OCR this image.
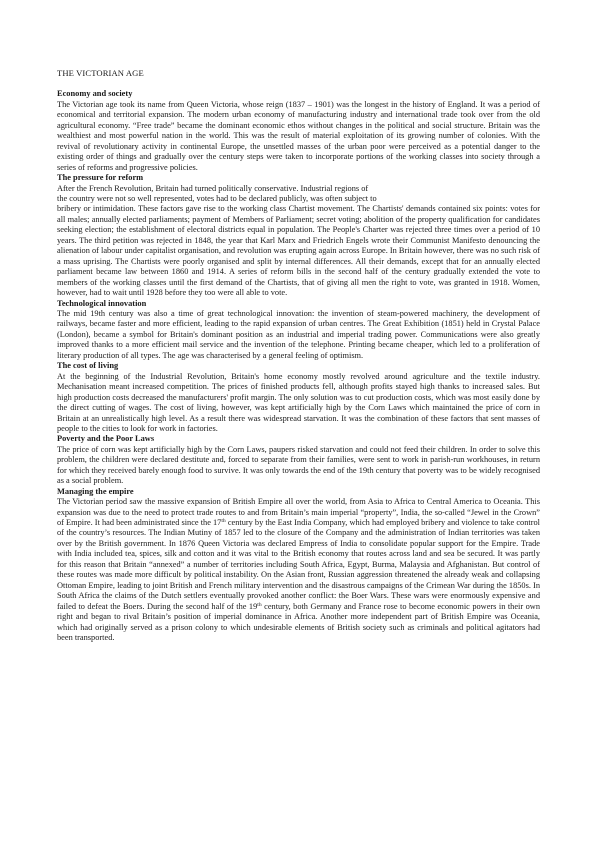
THE VICTORIAN AGE
Economy and society

The Victorian age took its name from Queen Victoria, whose reign (1837 – 1901) was the longest in the history of England. It was a period of economical and territorial expansion. The modern urban economy of manufacturing industry and international trade took over from the old agricultural economy. “Free trade” became the dominant economic ethos without changes in the political and social structure. Britain was the wealthiest and most powerful nation in the world. This was the result of material exploitation of its growing number of colonies. With the revival of revolutionary activity in continental Europe, the unsettled masses of the urban poor were perceived as a potential danger to the existing order of things and gradually over the century steps were taken to incorporate portions of the working classes into society through a series of reforms and progressive policies.

The pressure for reform
After the French Revolution, Britain had turned politically conservative. Industrial regions of
the country were not so well represented, votes had to be declared publicly, was often subject to

bribery or intimidation. These factors gave rise to the working class Chartist movement. The Chartists' demands contained six points: votes for all males; annually elected parliaments; payment of Members of Parliament; secret voting; abolition of the property qualification for candidates seeking election; the establishment of electoral districts equal in population. The People's Charter was rejected three times over a period of 10 years. The third petition was rejected in 1848, the year that Karl Marx and Friedrich Engels wrote their Communist Manifesto denouncing the alienation of labour under capitalist organisation, and revolution was erupting again across Europe. In Britain however, there was no such risk of a mass uprising. The Chartists were poorly organised and split by internal differences. All their demands, except that for an annually elected parliament became law between 1860 and 1914. A series of reform bills in the second half of the century gradually extended the vote to members of the working classes until the first demand of the Chartists, that of giving all men the right to vote, was granted in 1918. Women, however, had to wait until 1928 before they too were all able to vote.

Technological innovation

The mid 19th century was also a time of great technological innovation: the invention of steam-powered machinery, the development of railways, became faster and more efficient, leading to the rapid expansion of urban centres. The Great Exhibition (1851) held in Crystal Palace (London), became a symbol for Britain's dominant position as an industrial and imperial trading power. Communications were also greatly improved thanks to a more efficient mail service and the invention of the telephone. Printing became cheaper, which led to a proliferation of literary production of all types. The age was characterised by a general feeling of optimism.

The cost of living

At the beginning of the Industrial Revolution, Britain's home economy mostly revolved around agriculture and the textile industry. Mechanisation meant increased competition. The prices of finished products fell, although profits stayed high thanks to increased sales. But high production costs decreased the manufacturers' profit margin. The only solution was to cut production costs, which was most easily done by the direct cutting of wages. The cost of living, however, was kept artificially high by the Corn Laws which maintained the price of corn in Britain at an unrealistically high level. As a result there was widespread starvation. It was the combination of these factors that sent masses of people to the cities to look for work in factories.

Poverty and the Poor Laws

The price of corn was kept artificially high by the Corn Laws, paupers risked starvation and could not feed their children. In order to solve this problem, the children were declared destitute and, forced to separate from their families, were sent to work in parish-run workhouses, in return for which they received barely enough food to survive. It was only towards the end of the 19th century that poverty was to be widely recognised as a social problem.

Managing the empire

The Victorian period saw the massive expansion of British Empire all over the world, from Asia to Africa to Central America to Oceania. This expansion was due to the need to protect trade routes to and from Britain’s main imperial “property”, India, the so-called “Jewel in the Crown” of Empire. It had been administrated since the 17th century by the East India Company, which had employed bribery and violence to take control of the country’s resources. The Indian Mutiny of 1857 led to the closure of the Company and the administration of Indian territories was taken over by the British government. In 1876 Queen Victoria was declared Empress of India to consolidate popular support for the Empire. Trade with India included tea, spices, silk and cotton and it was vital to the British economy that routes across land and sea be secured. It was partly for this reason that Britain “annexed” a number of territories including South Africa, Egypt, Burma, Malaysia and Afghanistan. But control of these routes was made more difficult by political instability. On the Asian front, Russian aggression threatened the already weak and collapsing Ottoman Empire, leading to joint British and French military intervention and the disastrous campaigns of the Crimean War during the 1850s. In South Africa the claims of the Dutch settlers eventually provoked another conflict: the Boer Wars. These wars were enormously expensive and failed to defeat the Boers. During the second half of the 19th century, both Germany and France rose to become economic powers in their own right and began to rival Britain’s position of imperial dominance in Africa. Another more independent part of British Empire was Oceania, which had originally served as a prison colony to which undesirable elements of British society such as criminals and political agitators had been transported.
